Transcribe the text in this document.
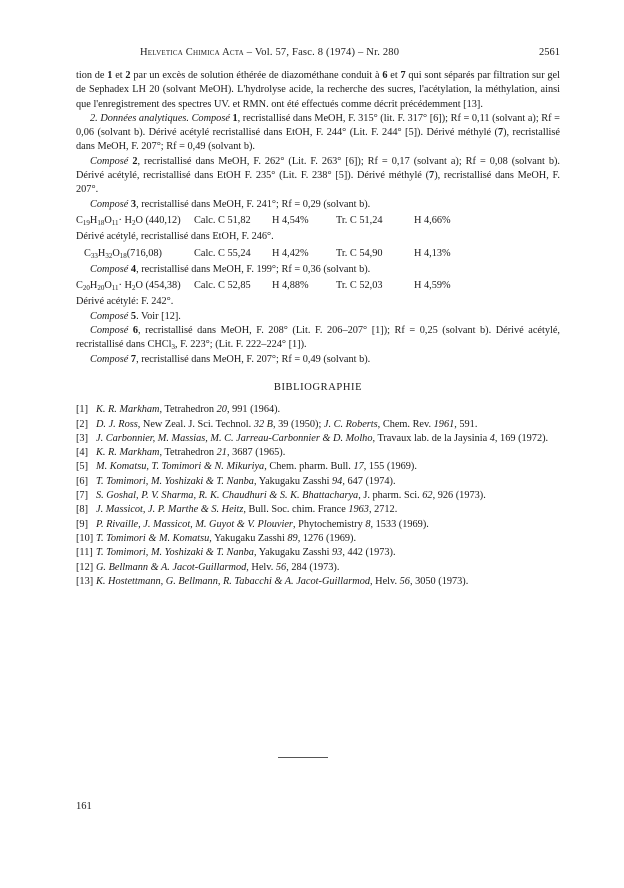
Helvetica Chimica Acta – Vol. 57, Fasc. 8 (1974) – Nr. 280	2561

tion de 1 et 2 par un excès de solution éthérée de diazométhane conduit à 6 et 7 qui sont séparés par filtration sur gel de Sephadex LH 20 (solvant MeOH). L'hydrolyse acide, la recherche des sucres, l'acétylation, la méthylation, ainsi que l'enregistrement des spectres UV. et RMN. ont été effectués comme décrit précédemment [13].

2. Données analytiques. Composé 1, recristallisé dans MeOH, F. 315° (lit. F. 317° [6]); Rf = 0,11 (solvant a); Rf = 0,06 (solvant b). Dérivé acétylé recristallisé dans EtOH, F. 244° (Lit. F. 244° [5]). Dérivé méthylé (7), recristallisé dans MeOH, F. 207°; Rf = 0,49 (solvant b).

Composé 2, recristallisé dans MeOH, F. 262° (Lit. F. 263° [6]); Rf = 0,17 (solvant a); Rf = 0,08 (solvant b). Dérivé acétylé, recristallisé dans EtOH F. 235° (Lit. F. 238° [5]). Dérivé méthylé (7), recristallisé dans MeOH, F. 207°.

Composé 3, recristallisé dans MeOH, F. 241°; Rf = 0,29 (solvant b).

$C_{19}H_{18}O_{11}\cdot H_2O$ (440,12) Calc. C 51,82 H 4,54%	Tr. C 51,24	H 4,66%

Dérivé acétylé, recristallisé dans EtOH, F. 246°.

$C_{33}H_{32}O_{18}(716,08)$	Calc. C 55,24 H 4,42%	Tr. C 54,90	H 4,13%

Composé 4, recristallisé dans MeOH, F. 199°; Rf = 0,36 (solvant b).

$C_{20}H_{20}O_{11}\cdot H_2O$ (454,38) Calc. C 52,85 H 4,88%	Tr. C 52,03	H 4,59%

Dérivé acétylé: F. 242°.

Composé 5. Voir [12].

Composé 6, recristallisé dans MeOH, F. 208° (Lit. F. 206–207° [1]); Rf = 0,25 (solvant b). Dérivé acétylé, recristallisé dans CHCl$_3$, F. 223°; (Lit. F. 222–224° [1]).

Composé 7, recristallisé dans MeOH, F. 207°; Rf = 0,49 (solvant b).

BIBLIOGRAPHIE
[1] K. R. Markham, Tetrahedron 20, 991 (1964).
[2] D. J. Ross, New Zeal. J. Sci. Technol. 32 B, 39 (1950); J. C. Roberts, Chem. Rev. 1961, 591.
[3] J. Carbonnier, M. Massias, M. C. Jarreau-Carbonnier & D. Molho, Travaux lab. de la Jaysinia 4, 169 (1972).
[4] K. R. Markham, Tetrahedron 21, 3687 (1965).
[5] M. Komatsu, T. Tomimori & N. Mikuriya, Chem. pharm. Bull. 17, 155 (1969).
[6] T. Tomimori, M. Yoshizaki & T. Nanba, Yakugaku Zasshi 94, 647 (1974).
[7] S. Goshal, P. V. Sharma, R. K. Chaudhuri & S. K. Bhattacharya, J. pharm. Sci. 62, 926 (1973).
[8] J. Massicot, J. P. Marthe & S. Heitz, Bull. Soc. chim. France 1963, 2712.
[9] P. Rivaille, J. Massicot, M. Guyot & V. Plouvier, Phytochemistry 8, 1533 (1969).
[10] T. Tomimori & M. Komatsu, Yakugaku Zasshi 89, 1276 (1969).
[11] T. Tomimori, M. Yoshizaki & T. Nanba, Yakugaku Zasshi 93, 442 (1973).
[12] G. Bellmann & A. Jacot-Guillarmod, Helv. 56, 284 (1973).
[13] K. Hostettmann, G. Bellmann, R. Tabacchi & A. Jacot-Guillarmod, Helv. 56, 3050 (1973).
161
